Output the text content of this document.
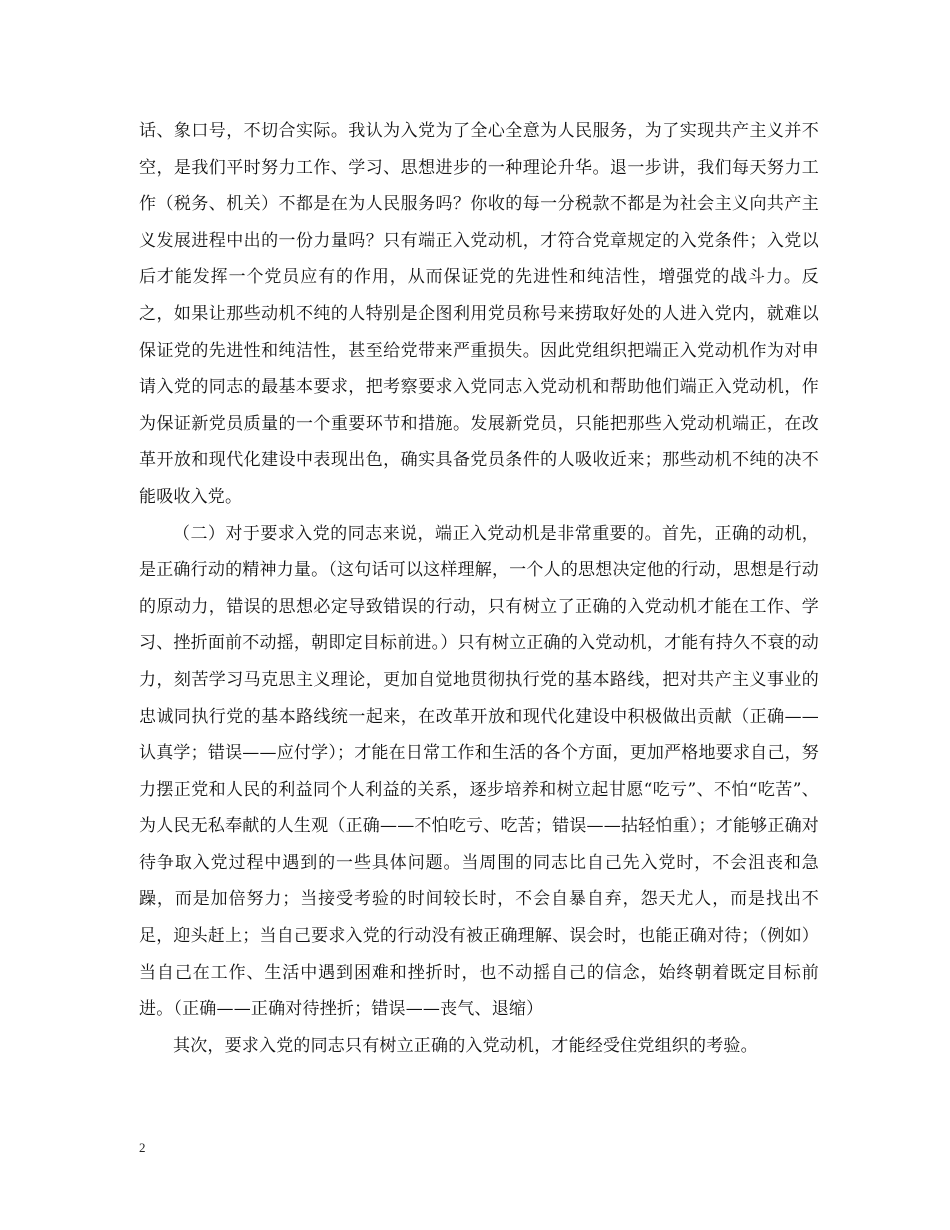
话、象口号，不切合实际。我认为入党为了全心全意为人民服务，为了实现共产主义并不空，是我们平时努力工作、学习、思想进步的一种理论升华。退一步讲，我们每天努力工作（税务、机关）不都是在为人民服务吗？你收的每一分税款不都是为社会主义向共产主义发展进程中出的一份力量吗？只有端正入党动机，才符合党章规定的入党条件；入党以后才能发挥一个党员应有的作用，从而保证党的先进性和纯洁性，增强党的战斗力。反之，如果让那些动机不纯的人特别是企图利用党员称号来捞取好处的人进入党内，就难以保证党的先进性和纯洁性，甚至给党带来严重损失。因此党组织把端正入党动机作为对申请入党的同志的最基本要求，把考察要求入党同志入党动机和帮助他们端正入党动机，作为保证新党员质量的一个重要环节和措施。发展新党员，只能把那些入党动机端正，在改革开放和现代化建设中表现出色，确实具备党员条件的人吸收近来；那些动机不纯的决不能吸收入党。

（二）对于要求入党的同志来说，端正入党动机是非常重要的。首先，正确的动机，是正确行动的精神力量。（这句话可以这样理解，一个人的思想决定他的行动，思想是行动的原动力，错误的思想必定导致错误的行动，只有树立了正确的入党动机才能在工作、学习、挫折面前不动摇，朝即定目标前进。）只有树立正确的入党动机，才能有持久不衰的动力，刻苦学习马克思主义理论，更加自觉地贯彻执行党的基本路线，把对共产主义事业的忠诚同执行党的基本路线统一起来，在改革开放和现代化建设中积极做出贡献（正确——认真学；错误——应付学）；才能在日常工作和生活的各个方面，更加严格地要求自己，努力摆正党和人民的利益同个人利益的关系，逐步培养和树立起甘愿“吃亏”、不怕“吃苦”、为人民无私奉献的人生观（正确——不怕吃亏、吃苦；错误——拈轻怕重）；才能够正确对待争取入党过程中遇到的一些具体问题。当周围的同志比自己先入党时，不会沮丧和急躁，而是加倍努力；当接受考验的时间较长时，不会自暴自弃，怨天尤人，而是找出不足，迎头赶上；当自己要求入党的行动没有被正确理解、误会时，也能正确对待；（例如）当自己在工作、生活中遇到困难和挫折时，也不动摇自己的信念，始终朝着既定目标前进。（正确——正确对待挫折；错误——丧气、退缩）

其次，要求入党的同志只有树立正确的入党动机，才能经受住党组织的考验。

2
